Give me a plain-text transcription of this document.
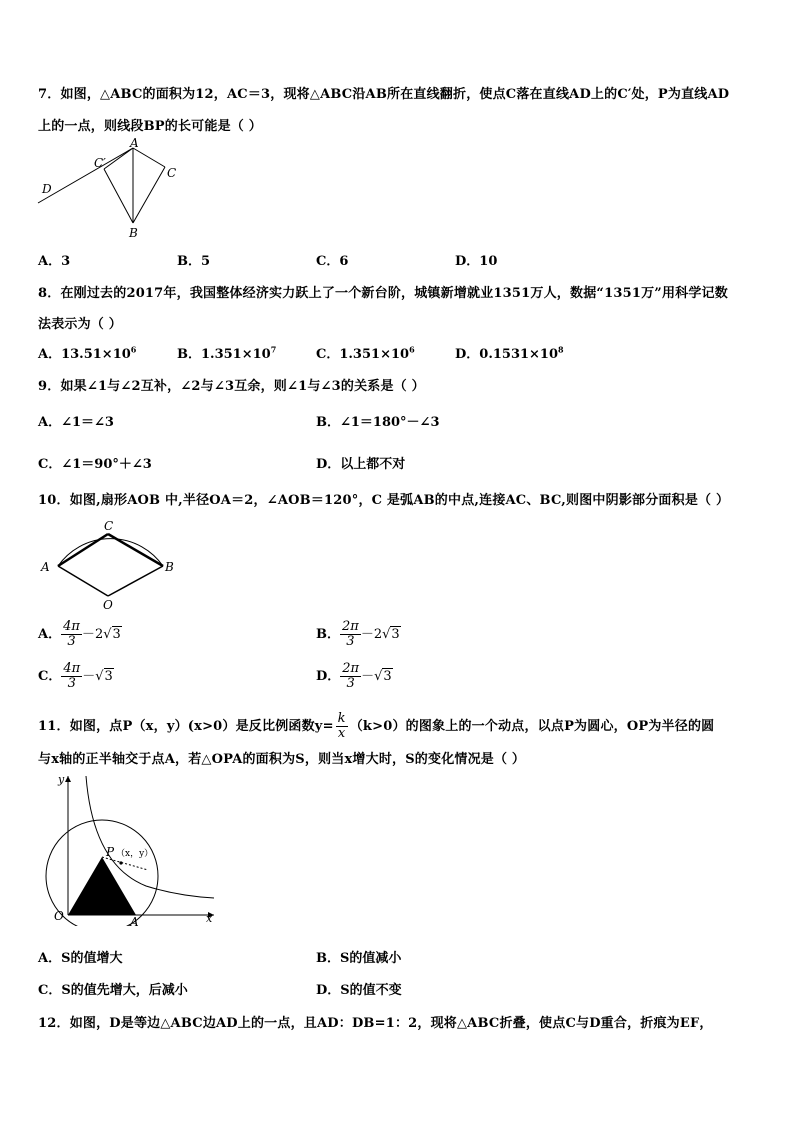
7．如图，△ABC的面积为12，AC＝3，现将△ABC沿AB所在直线翻折，使点C落在直线AD上的C′处，P为直线AD
上的一点，则线段BP的长可能是（ ）
A
C′
C
D
B
A．3	B．5	C．6	D．10
8．在刚过去的2017年，我国整体经济实力跃上了一个新台阶，城镇新增就业1351万人，数据“1351万”用科学记数
法表示为（ ）
A．$13.51\times 10^6$	B．$1.351\times 10^7$	C．$1.351\times 10^6$	D．$0.1531\times 10^8$
9．如果∠1与∠2互补，∠2与∠3互余，则∠1与∠3的关系是（ ）
A．∠1＝∠3	B．∠1＝180°－∠3
C．∠1＝90°＋∠3	D．以上都不对
10．如图,扇形AOB 中,半径OA＝2，∠AOB＝120°，C 是弧AB的中点,连接AC、BC,则图中阴影部分面积是（ ）
C
A	B
O
A． $\frac{4\pi}{3} -2√3$	B． $\frac{2\pi}{3} -2√3$
C． $\frac{4\pi}{3} -√3$	D． $\frac{2\pi}{3} -√3$
11．如图，点P（x，y）(x>0）是反比例函数$y= \frac{k}{x} (k>0)$的图象上的一个动点，以点P为圆心，OP为半径的圆
与x轴的正半轴交于点A，若△OPA的面积为S，则当x增大时，S的变化情况是（ ）
y
x
O	A
P （x，y）
A．S的值增大	B．S的值减小
C．S的值先增大，后减小	D．S的值不变
12．如图，D是等边△ABC边AD上的一点，且AD：DB=1：2，现将△ABC折叠，使点C与D重合，折痕为EF，
